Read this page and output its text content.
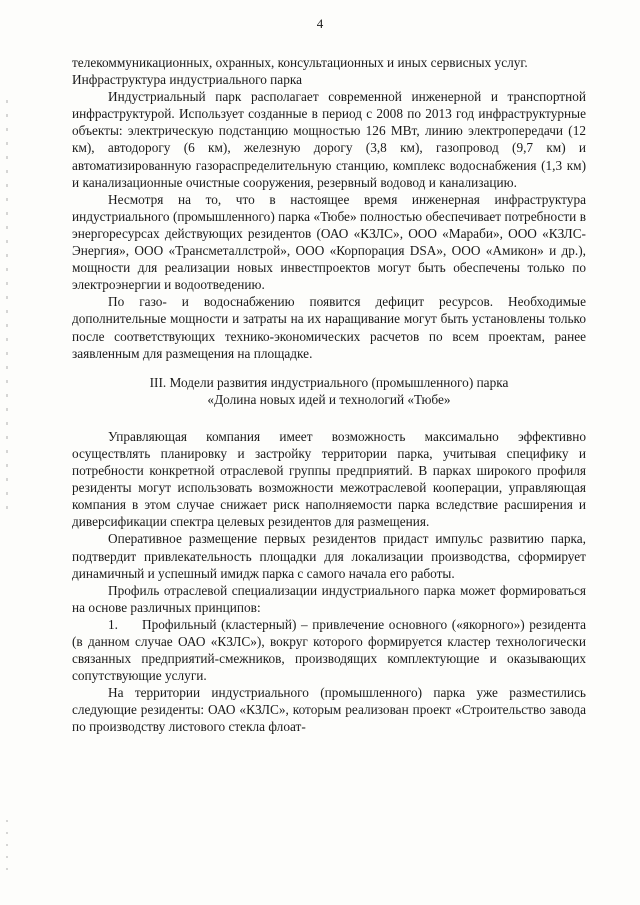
4

телекоммуникационных, охранных, консультационных и иных сервисных услуг.

Инфраструктура индустриального парка

Индустриальный парк располагает современной инженерной и транспортной инфраструктурой. Использует созданные в период с 2008 по 2013 год инфраструктурные объекты: электрическую подстанцию мощностью 126 МВт, линию электропередачи (12 км), автодорогу (6 км), железную дорогу (3,8 км), газопровод (9,7 км) и автоматизированную газораспределительную станцию, комплекс водоснабжения (1,3 км) и канализационные очистные сооружения, резервный водовод и канализацию.

Несмотря на то, что в настоящее время инженерная инфраструктура индустриального (промышленного) парка «Тюбе» полностью обеспечивает потребности в энергоресурсах действующих резидентов (ОАО «КЗЛС», ООО «Мараби», ООО «КЗЛС-Энергия», ООО «Трансметаллстрой», ООО «Корпорация DSA», ООО «Амикон» и др.), мощности для реализации новых инвестпроектов могут быть обеспечены только по электроэнергии и водоотведению.

По газо- и водоснабжению появится дефицит ресурсов. Необходимые дополнительные мощности и затраты на их наращивание могут быть установлены только после соответствующих технико-экономических расчетов по всем проектам, ранее заявленным для размещения на площадке.

III. Модели развития индустриального (промышленного) парка
«Долина новых идей и технологий «Тюбе»

Управляющая компания имеет возможность максимально эффективно осуществлять планировку и застройку территории парка, учитывая специфику и потребности конкретной отраслевой группы предприятий. В парках широкого профиля резиденты могут использовать возможности межотраслевой кооперации, управляющая компания в этом случае снижает риск наполняемости парка вследствие расширения и диверсификации спектра целевых резидентов для размещения.

Оперативное размещение первых резидентов придаст импульс развитию парка, подтвердит привлекательность площадки для локализации производства, сформирует динамичный и успешный имидж парка с самого начала его работы.

Профиль отраслевой специализации индустриального парка может формироваться на основе различных принципов:

1. Профильный (кластерный) – привлечение основного («якорного») резидента (в данном случае ОАО «КЗЛС»), вокруг которого формируется кластер технологически связанных предприятий-смежников, производящих комплектующие и оказывающих сопутствующие услуги.

На территории индустриального (промышленного) парка уже разместились следующие резиденты: ОАО «КЗЛС», которым реализован проект «Строительство завода по производству листового стекла флоат-
